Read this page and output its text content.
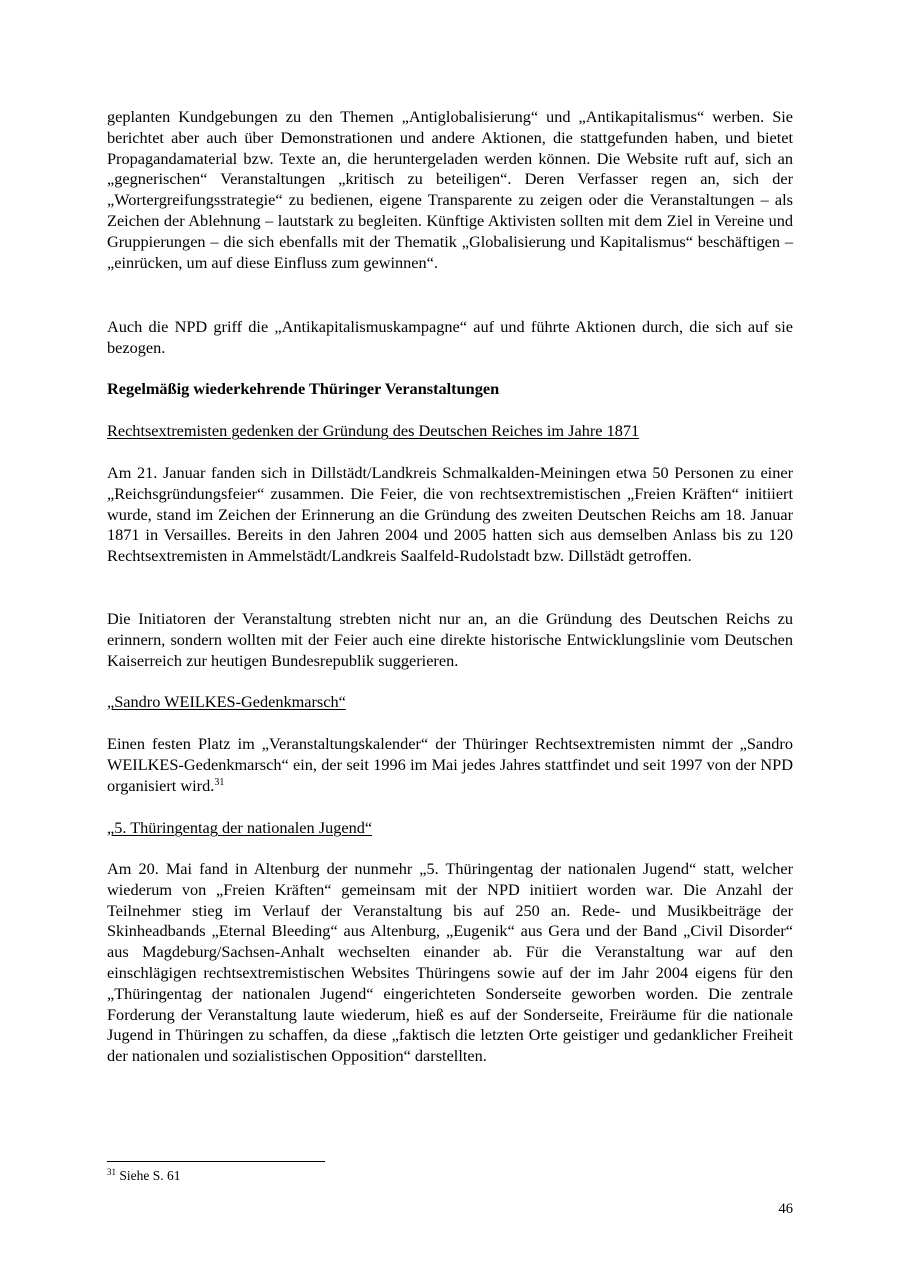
geplanten Kundgebungen zu den Themen „Antiglobalisierung“ und „Antikapitalismus“ werben. Sie berichtet aber auch über Demonstrationen und andere Aktionen, die stattgefunden haben, und bietet Propagandamaterial bzw. Texte an, die heruntergeladen werden können. Die Website ruft auf, sich an „gegnerischen“ Veranstaltungen „kritisch zu beteiligen“. Deren Verfasser regen an, sich der „Wortergreifungsstrategie“ zu bedienen, eigene Transparente zu zeigen oder die Veranstaltungen – als Zeichen der Ablehnung – lautstark zu begleiten. Künftige Aktivisten sollten mit dem Ziel in Vereine und Gruppierungen – die sich ebenfalls mit der Thematik „Globalisierung und Kapitalismus“ beschäftigen – „einrücken, um auf diese Einfluss zum gewinnen“.

Auch die NPD griff die „Antikapitalismuskampagne“ auf und führte Aktionen durch, die sich auf sie bezogen.

Regelmäßig wiederkehrende Thüringer Veranstaltungen

Rechtsextremisten gedenken der Gründung des Deutschen Reiches im Jahre 1871

Am 21. Januar fanden sich in Dillstädt/Landkreis Schmalkalden-Meiningen etwa 50 Personen zu einer „Reichsgründungsfeier“ zusammen. Die Feier, die von rechtsextremistischen „Freien Kräften“ initiiert wurde, stand im Zeichen der Erinnerung an die Gründung des zweiten Deutschen Reichs am 18. Januar 1871 in Versailles. Bereits in den Jahren 2004 und 2005 hatten sich aus demselben Anlass bis zu 120 Rechtsextremisten in Ammelstädt/Landkreis Saalfeld-Rudolstadt bzw. Dillstädt getroffen.

Die Initiatoren der Veranstaltung strebten nicht nur an, an die Gründung des Deutschen Reichs zu erinnern, sondern wollten mit der Feier auch eine direkte historische Entwicklungslinie vom Deutschen Kaiserreich zur heutigen Bundesrepublik suggerieren.

„Sandro WEILKES-Gedenkmarsch“

Einen festen Platz im „Veranstaltungskalender“ der Thüringer Rechtsextremisten nimmt der „Sandro WEILKES-Gedenkmarsch“ ein, der seit 1996 im Mai jedes Jahres stattfindet und seit 1997 von der NPD organisiert wird.$^{31}$

„5. Thüringentag der nationalen Jugend“

Am 20. Mai fand in Altenburg der nunmehr „5. Thüringentag der nationalen Jugend“ statt, welcher wiederum von „Freien Kräften“ gemeinsam mit der NPD initiiert worden war. Die Anzahl der Teilnehmer stieg im Verlauf der Veranstaltung bis auf 250 an. Rede- und Musikbeiträge der Skinheadbands „Eternal Bleeding“ aus Altenburg, „Eugenik“ aus Gera und der Band „Civil Disorder“ aus Magdeburg/Sachsen-Anhalt wechselten einander ab. Für die Veranstaltung war auf den einschlägigen rechtsextremistischen Websites Thüringens sowie auf der im Jahr 2004 eigens für den „Thüringentag der nationalen Jugend“ eingerichteten Sonderseite geworben worden. Die zentrale Forderung der Veranstaltung laute wiederum, hieß es auf der Sonderseite, Freiräume für die nationale Jugend in Thüringen zu schaffen, da diese „faktisch die letzten Orte geistiger und gedanklicher Freiheit der nationalen und sozialistischen Opposition“ darstellten.

$^{31}$ Siehe S. 61
46
